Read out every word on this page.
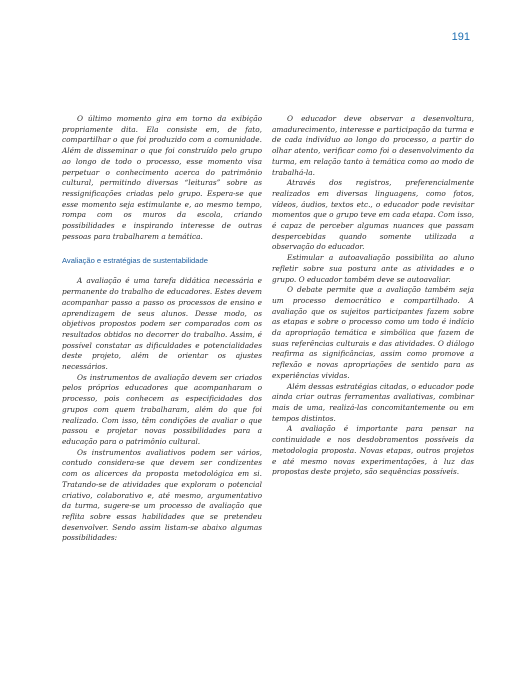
191

O último momento gira em torno da exibição propriamente dita. Ela consiste em, de fato, compartilhar o que foi produzido com a comunidade. Além de disseminar o que foi construído pelo grupo ao longo de todo o processo, esse momento visa perpetuar o conhecimento acerca do patrimônio cultural, permitindo diversas “leituras” sobre as ressignificações criadas pelo grupo. Espera-se que esse momento seja estimulante e, ao mesmo tempo, rompa com os muros da escola, criando possibilidades e inspirando interesse de outras pessoas para trabalharem a temática.

Avaliação e estratégias de sustentabilidade

A avaliação é uma tarefa didática necessária e permanente do trabalho de educadores. Estes devem acompanhar passo a passo os processos de ensino e aprendizagem de seus alunos. Desse modo, os objetivos propostos podem ser comparados com os resultados obtidos no decorrer do trabalho. Assim, é possível constatar as dificuldades e potencialidades deste projeto, além de orientar os ajustes necessários.

Os instrumentos de avaliação devem ser criados pelos próprios educadores que acompanharam o processo, pois conhecem as especificidades dos grupos com quem trabalharam, além do que foi realizado. Com isso, têm condições de avaliar o que passou e projetar novas possibilidades para a educação para o patrimônio cultural.

Os instrumentos avaliativos podem ser vários, contudo considera-se que devem ser condizentes com os alicerces da proposta metodológica em si. Tratando-se de atividades que exploram o potencial criativo, colaborativo e, até mesmo, argumentativo da turma, sugere-se um processo de avaliação que reflita sobre essas habilidades que se pretendeu desenvolver. Sendo assim listam-se abaixo algumas possibilidades:

O educador deve observar a desenvoltura, amadurecimento, interesse e participação da turma e de cada indivíduo ao longo do processo, a partir do olhar atento, verificar como foi o desenvolvimento da turma, em relação tanto à temática como ao modo de trabalhá-la.

Através dos registros, preferencialmente realizados em diversas linguagens, como fotos, vídeos, áudios, textos etc., o educador pode revisitar momentos que o grupo teve em cada etapa. Com isso, é capaz de perceber algumas nuances que passam despercebidas quando somente utilizada a observação do educador.

Estimular a autoavaliação possibilita ao aluno refletir sobre sua postura ante as atividades e o grupo. O educador também deve se autoavaliar.

O debate permite que a avaliação também seja um processo democrático e compartilhado. A avaliação que os sujeitos participantes fazem sobre as etapas e sobre o processo como um todo é indício da apropriação temática e simbólica que fazem de suas referências culturais e das atividades. O diálogo reafirma as significâncias, assim como promove a reflexão e novas apropriações de sentido para as experiências vividas.

Além dessas estratégias citadas, o educador pode ainda criar outras ferramentas avaliativas, combinar mais de uma, realizá-las concomitantemente ou em tempos distintos.

A avaliação é importante para pensar na continuidade e nos desdobramentos possíveis da metodologia proposta. Novas etapas, outros projetos e até mesmo novas experimentações, à luz das propostas deste projeto, são sequências possíveis.
